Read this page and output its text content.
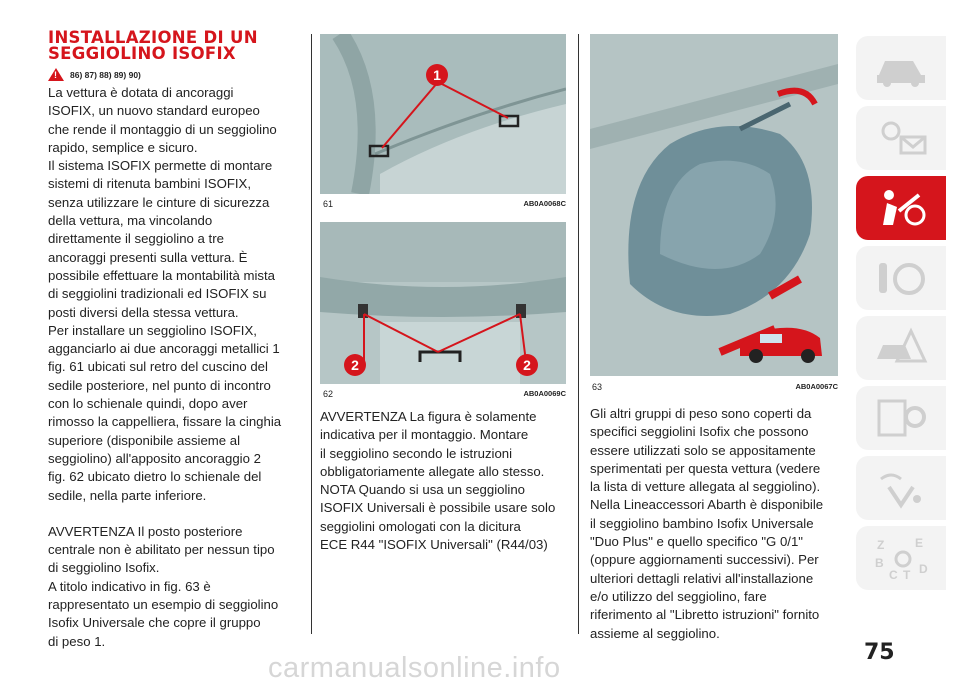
INSTALLAZIONE DI UN
SEGGIOLINO ISOFIX
! 86) 87) 88) 89) 90)

La vettura è dotata di ancoraggi
ISOFIX, un nuovo standard europeo
che rende il montaggio di un seggiolino
rapido, semplice e sicuro.
Il sistema ISOFIX permette di montare
sistemi di ritenuta bambini ISOFIX,
senza utilizzare le cinture di sicurezza
della vettura, ma vincolando
direttamente il seggiolino a tre
ancoraggi presenti sulla vettura. È
possibile effettuare la montabilità mista
di seggiolini tradizionali ed ISOFIX su
posti diversi della stessa vettura.
Per installare un seggiolino ISOFIX,
agganciarlo ai due ancoraggi metallici 1
fig. 61 ubicati sul retro del cuscino del
sedile posteriore, nel punto di incontro
con lo schienale quindi, dopo aver
rimosso la cappelliera, fissare la cinghia
superiore (disponibile assieme al
seggiolino) all'apposito ancoraggio 2
fig. 62 ubicato dietro lo schienale del
sedile, nella parte inferiore.

AVVERTENZA Il posto posteriore
centrale non è abilitato per nessun tipo
di seggiolino Isofix.
A titolo indicativo in fig. 63 è
rappresentato un esempio di seggiolino
Isofix Universale che copre il gruppo
di peso 1.

1
61	AB0A0068C
2	2
62	AB0A0069C

AVVERTENZA La figura è solamente
indicativa per il montaggio. Montare
il seggiolino secondo le istruzioni
obbligatoriamente allegate allo stesso.
NOTA Quando si usa un seggiolino
ISOFIX Universali è possibile usare solo
seggiolini omologati con la dicitura
ECE R44 "ISOFIX Universali" (R44/03)

63	AB0A0067C

Gli altri gruppi di peso sono coperti da
specifici seggiolini Isofix che possono
essere utilizzati solo se appositamente
sperimentati per questa vettura (vedere
la lista di vetture allegata al seggiolino).
Nella Lineaccessori Abarth è disponibile
il seggiolino bambino Isofix Universale
"Duo Plus" e quello specifico "G 0/1"
(oppure aggiornamenti successivi). Per
ulteriori dettagli relativi all'installazione
e/o utilizzo del seggiolino, fare
riferimento al "Libretto istruzioni" fornito
assieme al seggiolino.

Z	E
B
C T D
75
carmanualsonline.info
